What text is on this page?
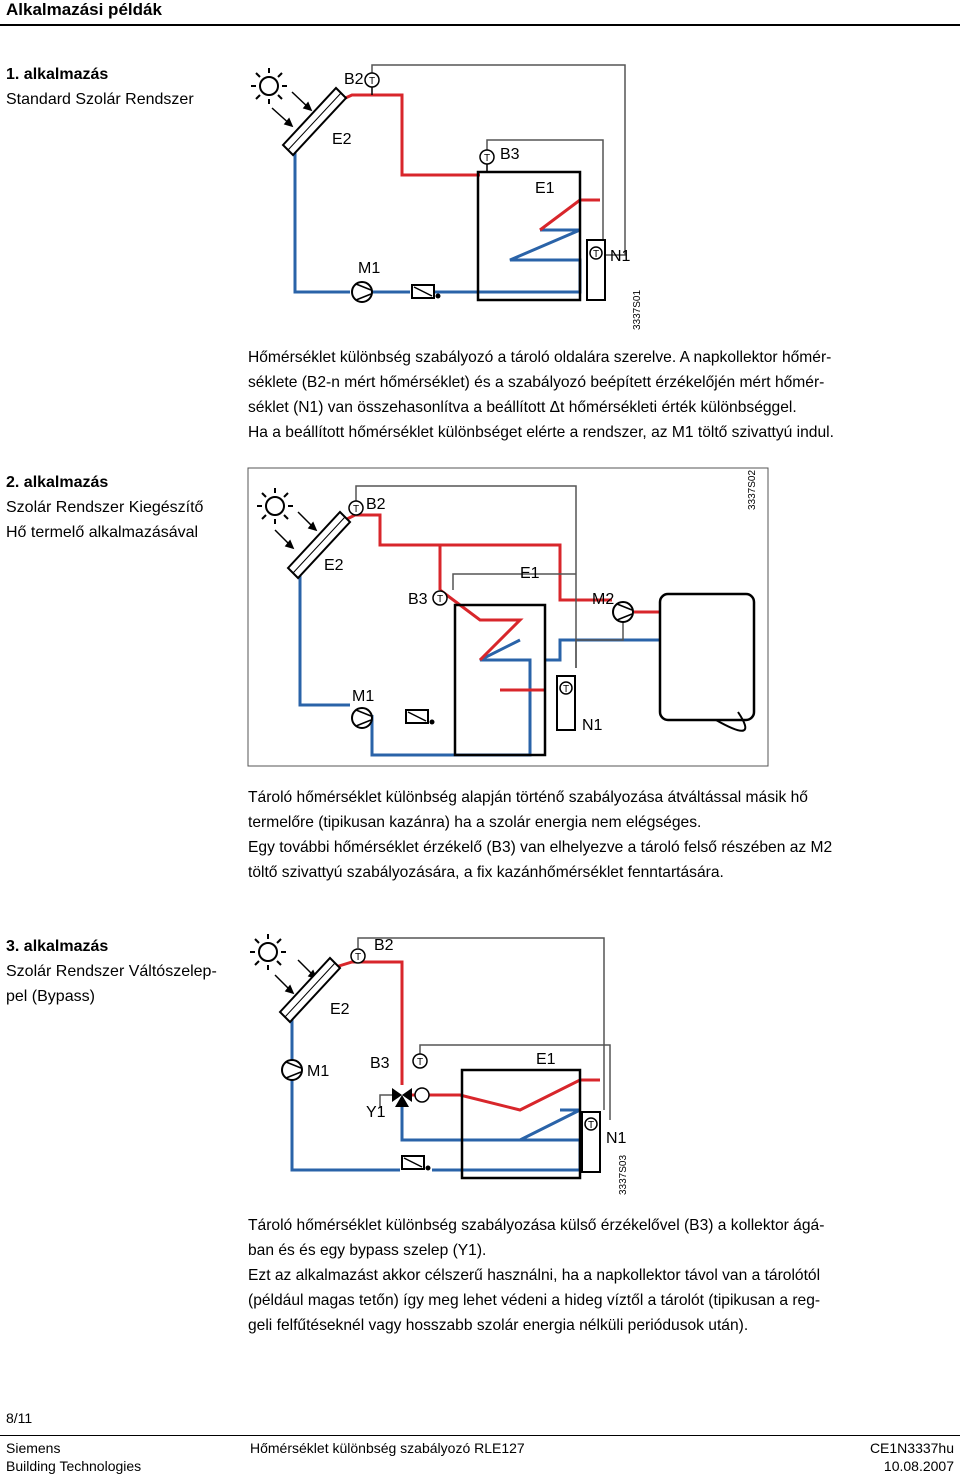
Alkalmazási példák
1. alkalmazás
Standard Szolár Rendszer
T
T
T
B2
E2
B3
E1
M1
N1
3337S01

Hőmérséklet különbség szabályozó a tároló oldalára szerelve. A napkollektor hőmér-

séklete (B2-n mért hőmérséklet) és a szabályozó beépített érzékelőjén mért hőmér-

séklet (N1) van összehasonlítva a beállított Δt hőmérsékleti érték különbséggel.

Ha a beállított hőmérséklet különbséget elérte a rendszer, az M1 töltő szivattyú indul.

2. alkalmazás
Szolár Rendszer Kiegészítő
Hő termelő alkalmazásával
T
T
T
B2
E2
B3
E1
M2
M1
N1
3337S02

Tároló hőmérséklet különbség alapján történő szabályozása átváltással másik hő

termelőre (tipikusan kazánra) ha a szolár energia nem elégséges.

Egy további hőmérséklet érzékelő (B3) van elhelyezve a tároló felső részében az M2

töltő szivattyú szabályozására, a fix kazánhőmérséklet fenntartására.

3. alkalmazás
Szolár Rendszer Váltószelep-
pel (Bypass)
T
T
T
B2
E2
M1	B3	E1
Y1
N1
3337S03

Tároló hőmérséklet különbség szabályozása külső érzékelővel (B3) a kollektor ágá-

ban és és egy bypass szelep (Y1).

Ezt az alkalmazást akkor célszerű használni, ha a napkollektor távol van a tárolótól

(például magas tetőn) így meg lehet védeni a hideg víztől a tárolót (tipikusan a reg-

geli felfűtéseknél vagy hosszabb szolár energia nélküli periódusok után).

8/11
Siemens
Building Technologies
Hőmérséklet különbség szabályozó RLE127	CE1N3337hu
10.08.2007
